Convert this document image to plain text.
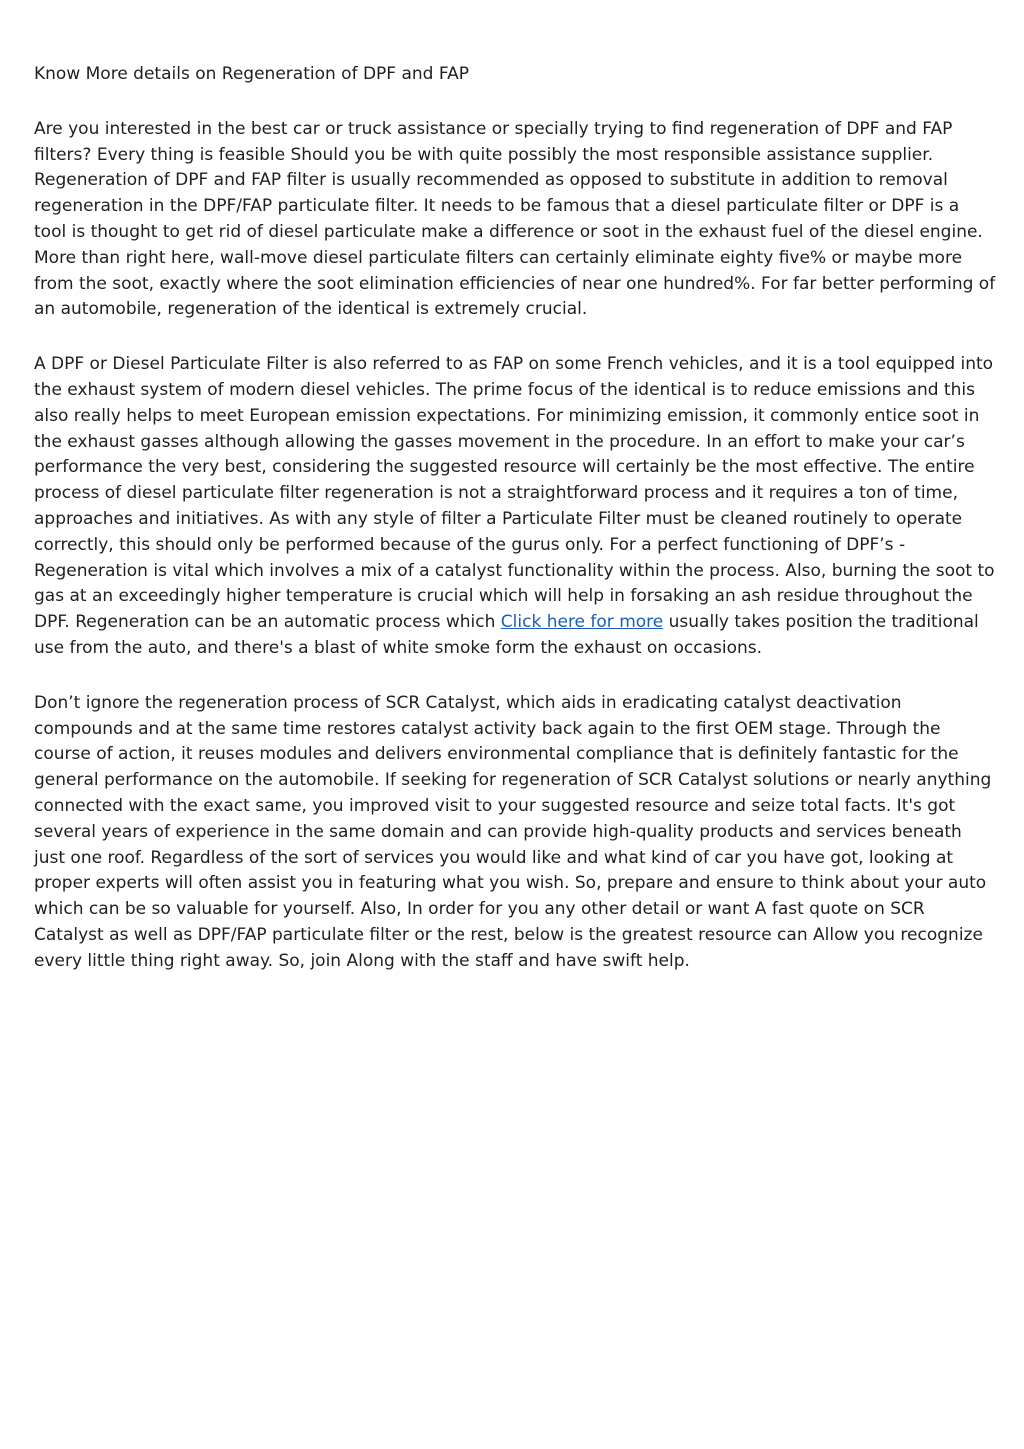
Know More details on Regeneration of DPF and FAP

Are you interested in the best car or truck assistance or specially trying to find regeneration of DPF and FAP filters? Every thing is feasible Should you be with quite possibly the most responsible assistance supplier. Regeneration of DPF and FAP filter is usually recommended as opposed to substitute in addition to removal regeneration in the DPF/FAP particulate filter. It needs to be famous that a diesel particulate filter or DPF is a tool is thought to get rid of diesel particulate make a difference or soot in the exhaust fuel of the diesel engine. More than right here, wall-move diesel particulate filters can certainly eliminate eighty five% or maybe more from the soot, exactly where the soot elimination efficiencies of near one hundred%. For far better performing of an automobile, regeneration of the identical is extremely crucial.

A DPF or Diesel Particulate Filter is also referred to as FAP on some French vehicles, and it is a tool equipped into the exhaust system of modern diesel vehicles. The prime focus of the identical is to reduce emissions and this also really helps to meet European emission expectations. For minimizing emission, it commonly entice soot in the exhaust gasses although allowing the gasses movement in the procedure. In an effort to make your car’s performance the very best, considering the suggested resource will certainly be the most effective. The entire process of diesel particulate filter regeneration is not a straightforward process and it requires a ton of time, approaches and initiatives. As with any style of filter a Particulate Filter must be cleaned routinely to operate correctly, this should only be performed because of the gurus only. For a perfect functioning of DPF’s - Regeneration is vital which involves a mix of a catalyst functionality within the process. Also, burning the soot to gas at an exceedingly higher temperature is crucial which will help in forsaking an ash residue throughout the DPF. Regeneration can be an automatic process which Click here for more usually takes position the traditional use from the auto, and there's a blast of white smoke form the exhaust on occasions.

Don’t ignore the regeneration process of SCR Catalyst, which aids in eradicating catalyst deactivation compounds and at the same time restores catalyst activity back again to the first OEM stage. Through the course of action, it reuses modules and delivers environmental compliance that is definitely fantastic for the general performance on the automobile. If seeking for regeneration of SCR Catalyst solutions or nearly anything connected with the exact same, you improved visit to your suggested resource and seize total facts. It's got several years of experience in the same domain and can provide high-quality products and services beneath just one roof. Regardless of the sort of services you would like and what kind of car you have got, looking at proper experts will often assist you in featuring what you wish. So, prepare and ensure to think about your auto which can be so valuable for yourself. Also, In order for you any other detail or want A fast quote on SCR Catalyst as well as DPF/FAP particulate filter or the rest, below is the greatest resource can Allow you recognize every little thing right away. So, join Along with the staff and have swift help.
